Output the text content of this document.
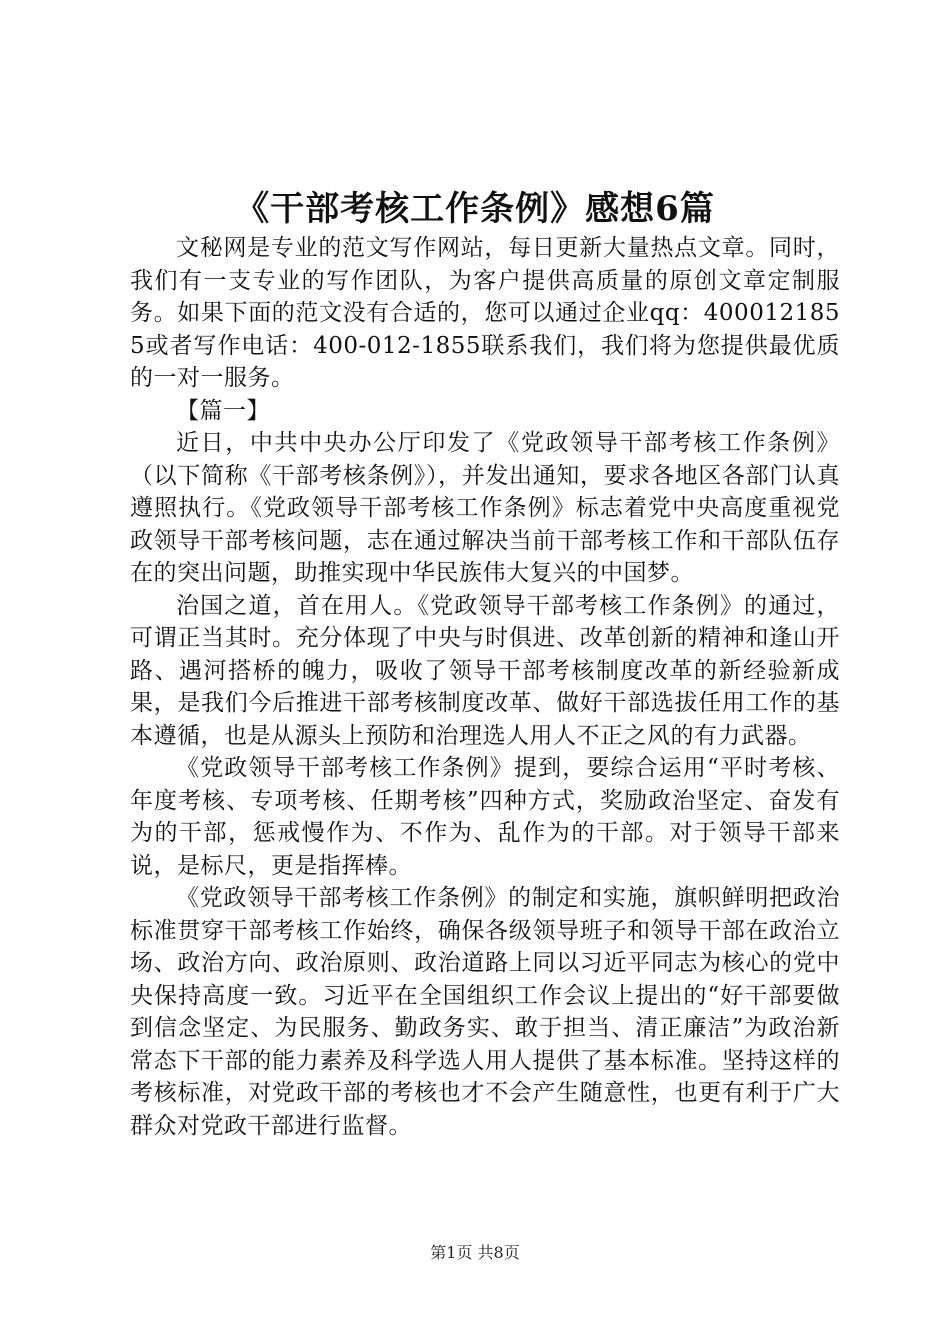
《干部考核工作条例》感想6篇

文秘网是专业的范文写作网站，每日更新大量热点文章。同时，我们有一支专业的写作团队，为客户提供高质量的原创文章定制服务。如果下面的范文没有合适的，您可以通过企业qq：4000121855或者写作电话：400-012-1855联系我们，我们将为您提供最优质的一对一服务。

【篇一】

近日，中共中央办公厅印发了《党政领导干部考核工作条例》（以下简称《干部考核条例》），并发出通知，要求各地区各部门认真遵照执行。《党政领导干部考核工作条例》标志着党中央高度重视党政领导干部考核问题，志在通过解决当前干部考核工作和干部队伍存在的突出问题，助推实现中华民族伟大复兴的中国梦。

治国之道，首在用人。《党政领导干部考核工作条例》的通过，可谓正当其时。充分体现了中央与时俱进、改革创新的精神和逢山开路、遇河搭桥的魄力，吸收了领导干部考核制度改革的新经验新成果，是我们今后推进干部考核制度改革、做好干部选拔任用工作的基本遵循，也是从源头上预防和治理选人用人不正之风的有力武器。

《党政领导干部考核工作条例》提到，要综合运用“平时考核、年度考核、专项考核、任期考核”四种方式，奖励政治坚定、奋发有为的干部，惩戒慢作为、不作为、乱作为的干部。对于领导干部来说，是标尺，更是指挥棒。

《党政领导干部考核工作条例》的制定和实施，旗帜鲜明把政治标准贯穿干部考核工作始终，确保各级领导班子和领导干部在政治立场、政治方向、政治原则、政治道路上同以习近平同志为核心的党中央保持高度一致。习近平在全国组织工作会议上提出的“好干部要做到信念坚定、为民服务、勤政务实、敢于担当、清正廉洁”为政治新常态下干部的能力素养及科学选人用人提供了基本标准。坚持这样的考核标准，对党政干部的考核也才不会产生随意性，也更有利于广大群众对党政干部进行监督。

第1页 共8页
